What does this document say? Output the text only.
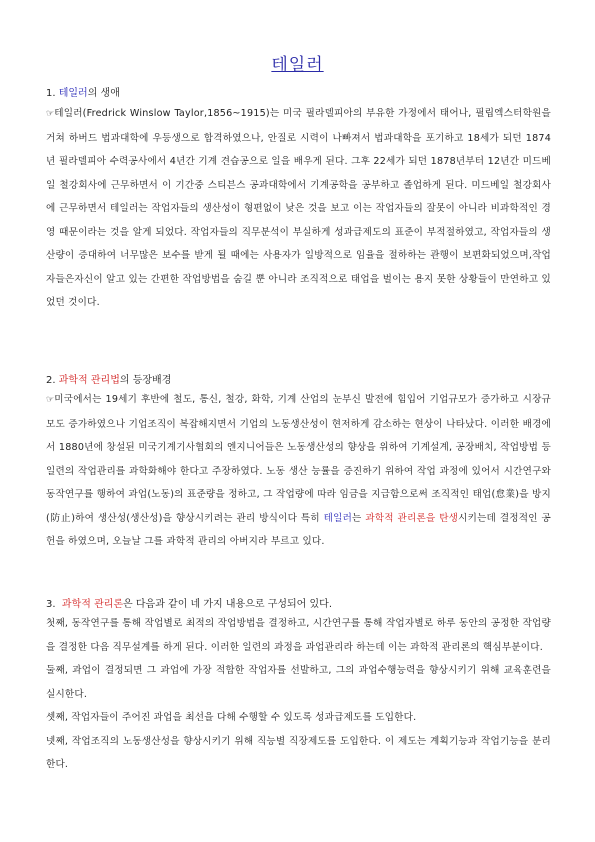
테일러
1. 테일러의 생애
☞테일러(Fredrick Winslow Taylor,1856~1915)는 미국 필라델피아의 부유한 가정에서 태어나, 필립엑스터학원을 거쳐 하버드 법과대학에 우등생으로 합격하였으나, 안질로 시력이 나빠져서 법과대학을 포기하고 18세가 되던 1874년 필라델피아 수력공사에서 4년간 기계 견습공으로 일을 배우게 된다. 그후 22세가 되던 1878년부터 12년간 미드베일 철강회사에 근무하면서 이 기간중 스티븐스 공과대학에서 기계공학을 공부하고 졸업하게 된다. 미드베일 철강회사에 근무하면서 테일러는 작업자들의 생산성이 형편없이 낮은 것을 보고 이는 작업자들의 잘못이 아니라 비과학적인 경영 때문이라는 것을 알게 되었다. 작업자들의 직무분석이 부실하게 성과급제도의 표준이 부적절하였고, 작업자들의 생산량이 증대하여 너무많은 보수를 받게 될 때에는 사용자가 일방적으로 임율을 절하하는 관행이 보편화되었으며,작업자들은자신이 알고 있는 간편한 작업방법을 숨길 뿐 아니라 조직적으로 태업을 벌이는 용지 못한 상황들이 만연하고 있었던 것이다.
2. 과학적 관리법의 등장배경
☞미국에서는 19세기 후반에 철도, 통신, 철강, 화학, 기계 산업의 눈부신 발전에 힘입어 기업규모가 증가하고 시장규모도 증가하였으나 기업조직이 복잡해지면서 기업의 노동생산성이 현저하게 감소하는 현상이 나타났다. 이러한 배경에서 1880년에 창설된 미국기계기사협회의 엔지니어들은 노동생산성의 향상을 위하여 기계설계, 공장배치, 작업방법 등 일련의 작업관리를 과학화해야 한다고 주장하였다. 노동 생산 능률을 증진하기 위하여 작업 과정에 있어서 시간연구와 동작연구를 행하여 과업(노동)의 표준량을 정하고, 그 작업량에 따라 임금을 지급함으로써 조직적인 태업(怠業)을 방지(防止)하여 생산성(생산성)을 향상시키려는 관리 방식이다 특히 테일러는 과학적 관리론을 탄생시키는데 결정적인 공헌을 하였으며, 오늘날 그를 과학적 관리의 아버지라 부르고 있다.
3. 과학적 관리론은 다음과 같이 네 가지 내용으로 구성되어 있다.
첫째, 동작연구를 통해 작업별로 최적의 작업방법을 결정하고, 시간연구를 통해 작업자별로 하루 동안의 공정한 작업량을 결정한 다음 직무설계를 하게 된다. 이러한 일련의 과정을 과업관리라 하는데 이는 과학적 관리론의 핵심부분이다.
둘째, 과업이 결정되면 그 과업에 가장 적합한 작업자를 선발하고, 그의 과업수행능력을 향상시키기 위해 교육훈련을 실시한다.
셋째, 작업자들이 주어진 과업을 최선을 다해 수행할 수 있도록 성과급제도를 도입한다.
넷째, 작업조직의 노동생산성을 향상시키기 위해 직능별 직장제도를 도입한다. 이 제도는 계획기능과 작업기능을 분리한다.
